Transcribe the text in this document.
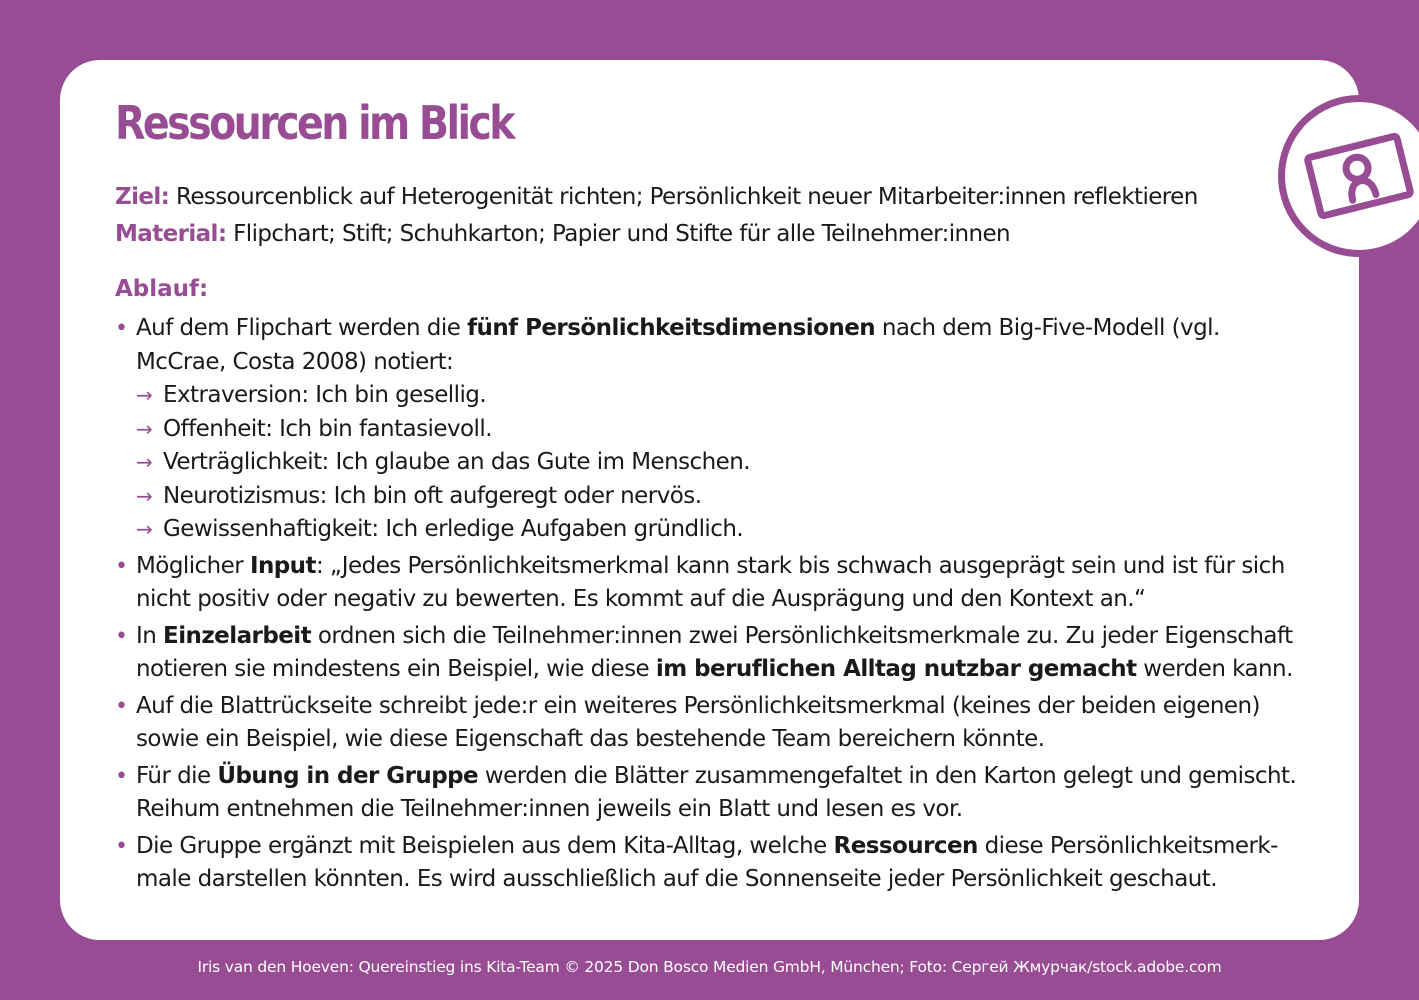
Ressourcen im Blick
Ziel: Ressourcenblick auf Heterogenität richten; Persönlichkeit neuer Mitarbeiter:innen reflektieren
Material: Flipchart; Stift; Schuhkarton; Papier und Stifte für alle Teilnehmer:innen
Ablauf:
• Auf dem Flipchart werden die fünf Persönlichkeitsdimensionen nach dem Big-Five-Modell (vgl. McCrae, Costa 2008) notiert:
→ Extraversion: Ich bin gesellig.
→ Offenheit: Ich bin fantasievoll.
→ Verträglichkeit: Ich glaube an das Gute im Menschen.
→ Neurotizismus: Ich bin oft aufgeregt oder nervös.
→ Gewissenhaftigkeit: Ich erledige Aufgaben gründlich.
• Möglicher Input: „Jedes Persönlichkeitsmerkmal kann stark bis schwach ausgeprägt sein und ist für sich nicht positiv oder negativ zu bewerten. Es kommt auf die Ausprägung und den Kontext an.“
• In Einzelarbeit ordnen sich die Teilnehmer:innen zwei Persönlichkeitsmerkmale zu. Zu jeder Eigenschaft notieren sie mindestens ein Beispiel, wie diese im beruflichen Alltag nutzbar gemacht werden kann.
• Auf die Blattrückseite schreibt jede:r ein weiteres Persönlichkeitsmerkmal (keines der beiden eigenen) sowie ein Beispiel, wie diese Eigenschaft das bestehende Team bereichern könnte.
• Für die Übung in der Gruppe werden die Blätter zusammengefaltet in den Karton gelegt und gemischt. Reihum entnehmen die Teilnehmer:innen jeweils ein Blatt und lesen es vor.
• Die Gruppe ergänzt mit Beispielen aus dem Kita-Alltag, welche Ressourcen diese Persönlichkeitsmerk-male darstellen könnten. Es wird ausschließlich auf die Sonnenseite jeder Persönlichkeit geschaut.
Iris van den Hoeven: Quereinstieg ins Kita-Team © 2025 Don Bosco Medien GmbH, München; Foto: Сергей Жмурчак/stock.adobe.com
